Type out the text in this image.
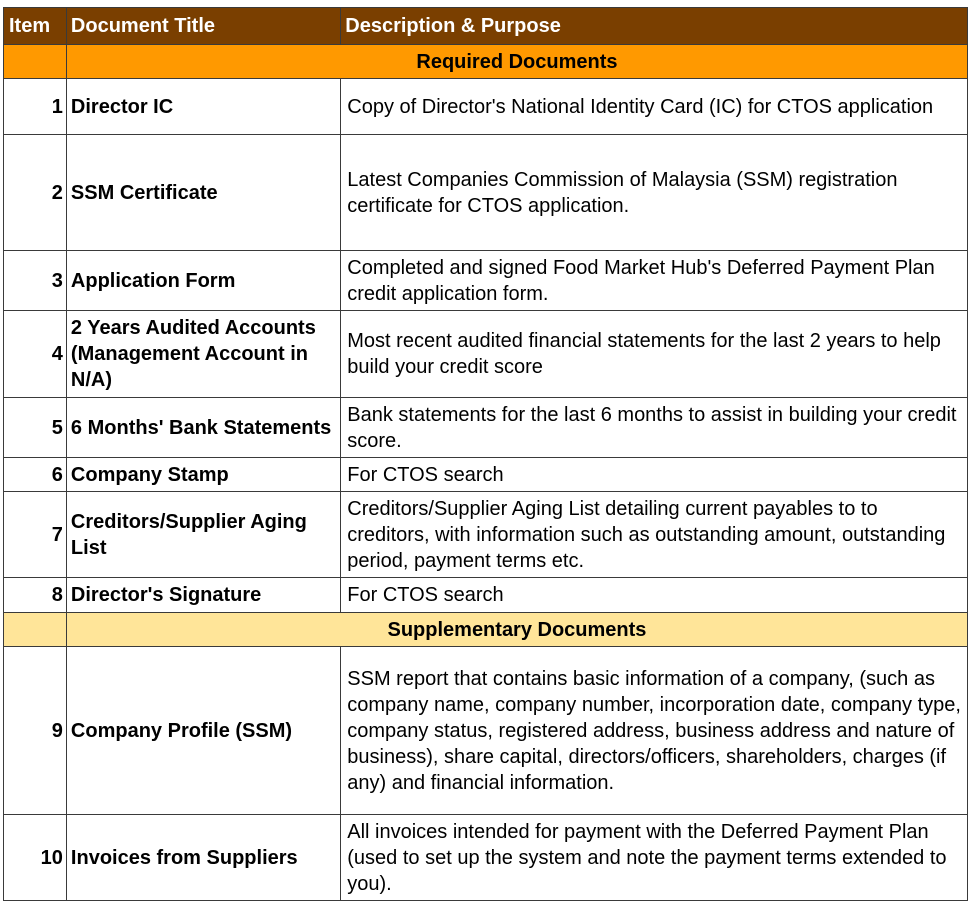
Item	Document Title	Description & Purpose
	Required Documents	
1	Director IC	Copy of Director's National Identity Card (IC) for CTOS application
2	SSM Certificate	Latest Companies Commission of Malaysia (SSM) registration certificate for CTOS application.
3	Application Form	Completed and signed Food Market Hub's Deferred Payment Plan credit application form.
4	2 Years Audited Accounts (Management Account in N/A)	Most recent audited financial statements for the last 2 years to help build your credit score
5	6 Months' Bank Statements	Bank statements for the last 6 months to assist in building your credit score.
6	Company Stamp	For CTOS search
7	Creditors/Supplier Aging List	Creditors/Supplier Aging List detailing current payables to to creditors, with information such as outstanding amount, outstanding period, payment terms etc.
8	Director's Signature	For CTOS search
	Supplementary Documents	
9	Company Profile (SSM)	SSM report that contains basic information of a company, (such as company name, company number, incorporation date, company type, company status, registered address, business address and nature of business), share capital, directors/officers, shareholders, charges (if any) and financial information.
10	Invoices from Suppliers	All invoices intended for payment with the Deferred Payment Plan (used to set up the system and note the payment terms extended to you).
